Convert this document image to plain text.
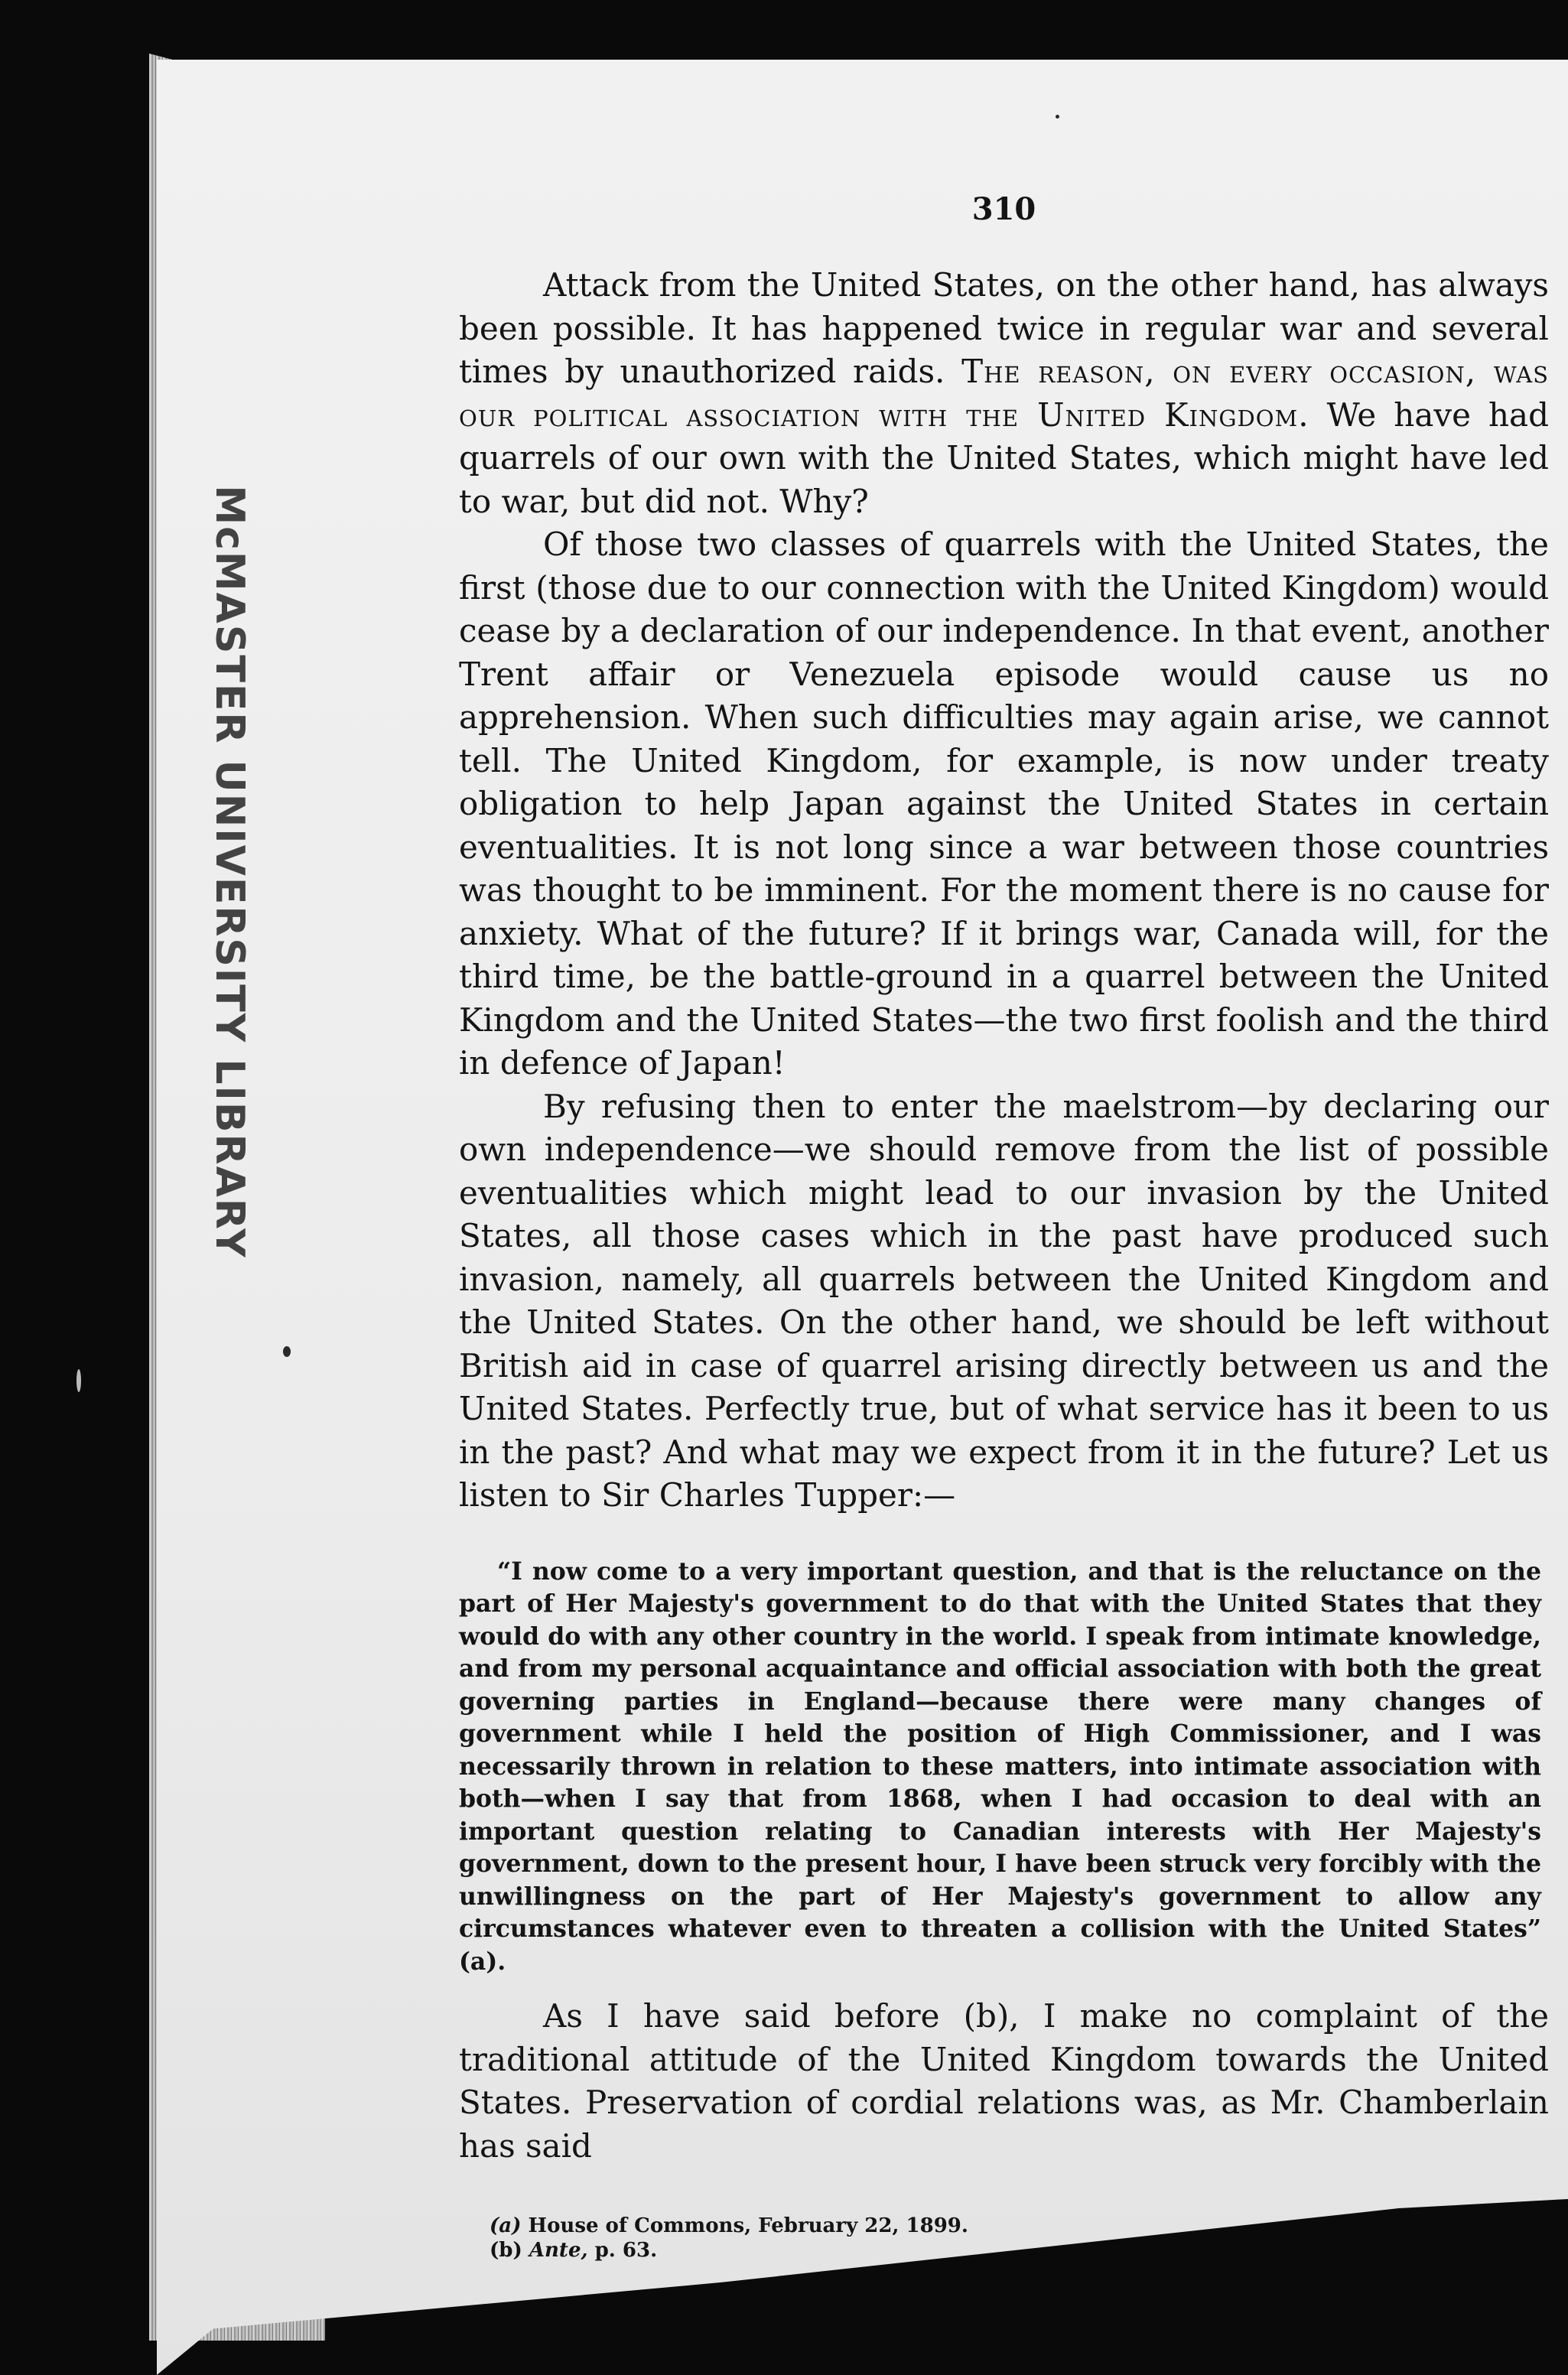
McMASTER UNIVERSITY LIBRARY
310

Attack from the United States, on the other hand, has always been possible. It has happened twice in regular war and several times by unauthorized raids. The reason, on every occasion, was our political association with the United Kingdom. We have had quarrels of our own with the United States, which might have led to war, but did not. Why?

Of those two classes of quarrels with the United States, the first (those due to our connection with the United Kingdom) would cease by a declaration of our independence. In that event, another Trent affair or Venezuela episode would cause us no apprehension. When such difficulties may again arise, we cannot tell. The United Kingdom, for example, is now under treaty obligation to help Japan against the United States in certain eventualities. It is not long since a war between those countries was thought to be imminent. For the moment there is no cause for anxiety. What of the future? If it brings war, Canada will, for the third time, be the battle-ground in a quarrel between the United Kingdom and the United States—the two first foolish and the third in defence of Japan!

By refusing then to enter the maelstrom—by declaring our own independence—we should remove from the list of possible eventualities which might lead to our invasion by the United States, all those cases which in the past have produced such invasion, namely, all quarrels between the United Kingdom and the United States. On the other hand, we should be left without British aid in case of quarrel arising directly between us and the United States. Perfectly true, but of what service has it been to us in the past? And what may we expect from it in the future? Let us listen to Sir Charles Tupper:—

“I now come to a very important question, and that is the reluctance on the part of Her Majesty's government to do that with the United States that they would do with any other country in the world. I speak from intimate knowledge, and from my personal acquaintance and official association with both the great governing parties in England—because there were many changes of government while I held the position of High Commissioner, and I was necessarily thrown in relation to these matters, into intimate association with both—when I say that from 1868, when I had occasion to deal with an important question relating to Canadian interests with Her Majesty's government, down to the present hour, I have been struck very forcibly with the unwillingness on the part of Her Majesty's government to allow any circumstances whatever even to threaten a collision with the United States” (a).

As I have said before (b), I make no complaint of the traditional attitude of the United Kingdom towards the United States. Preservation of cordial relations was, as Mr. Chamberlain has said

(a) House of Commons, February 22, 1899.
(b) Ante, p. 63.
